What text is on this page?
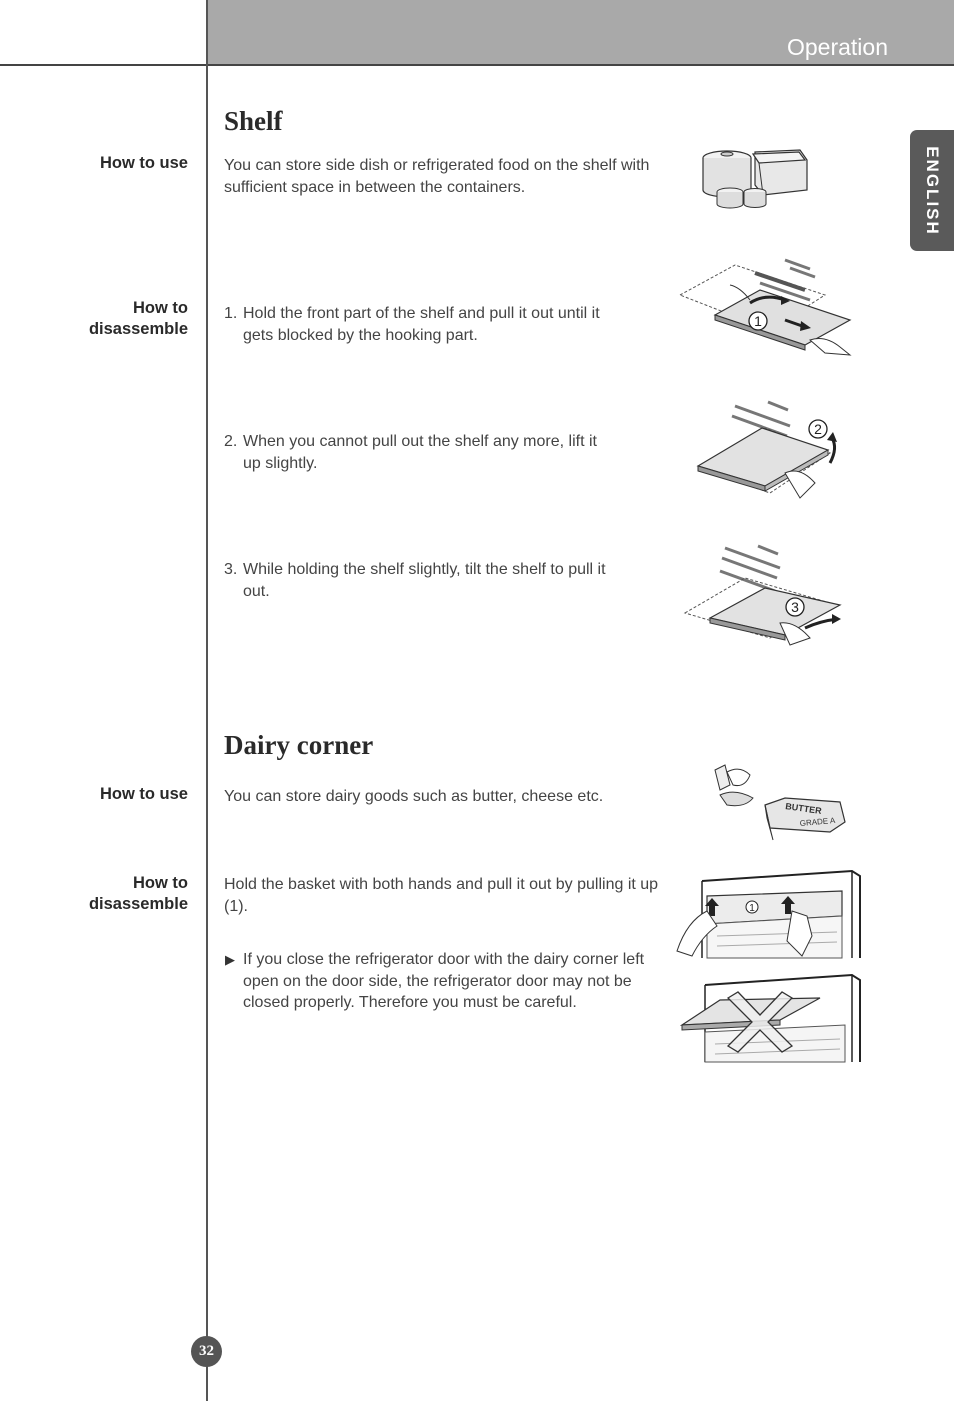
Operation
ENGLISH
Shelf
How to use You can store side dish or refrigerated food on the shelf with sufficient space in between the containers.
How to disassemble
1. Hold the front part of the shelf and pull it out until it gets blocked by the hooking part.
2. When you cannot pull out the shelf any more, lift it up slightly.
3. While holding the shelf slightly, tilt the shelf to pull it out.
1
2
3
Dairy corner
How to use You can store dairy goods such as butter, cheese etc.
How to disassemble
Hold the basket with both hands and pull it out by pulling it up (1).
▶ If you close the refrigerator door with the dairy corner left open on the door side, the refrigerator door may not be closed properly. Therefore you must be careful.
BUTTER
GRADE A
1
32
